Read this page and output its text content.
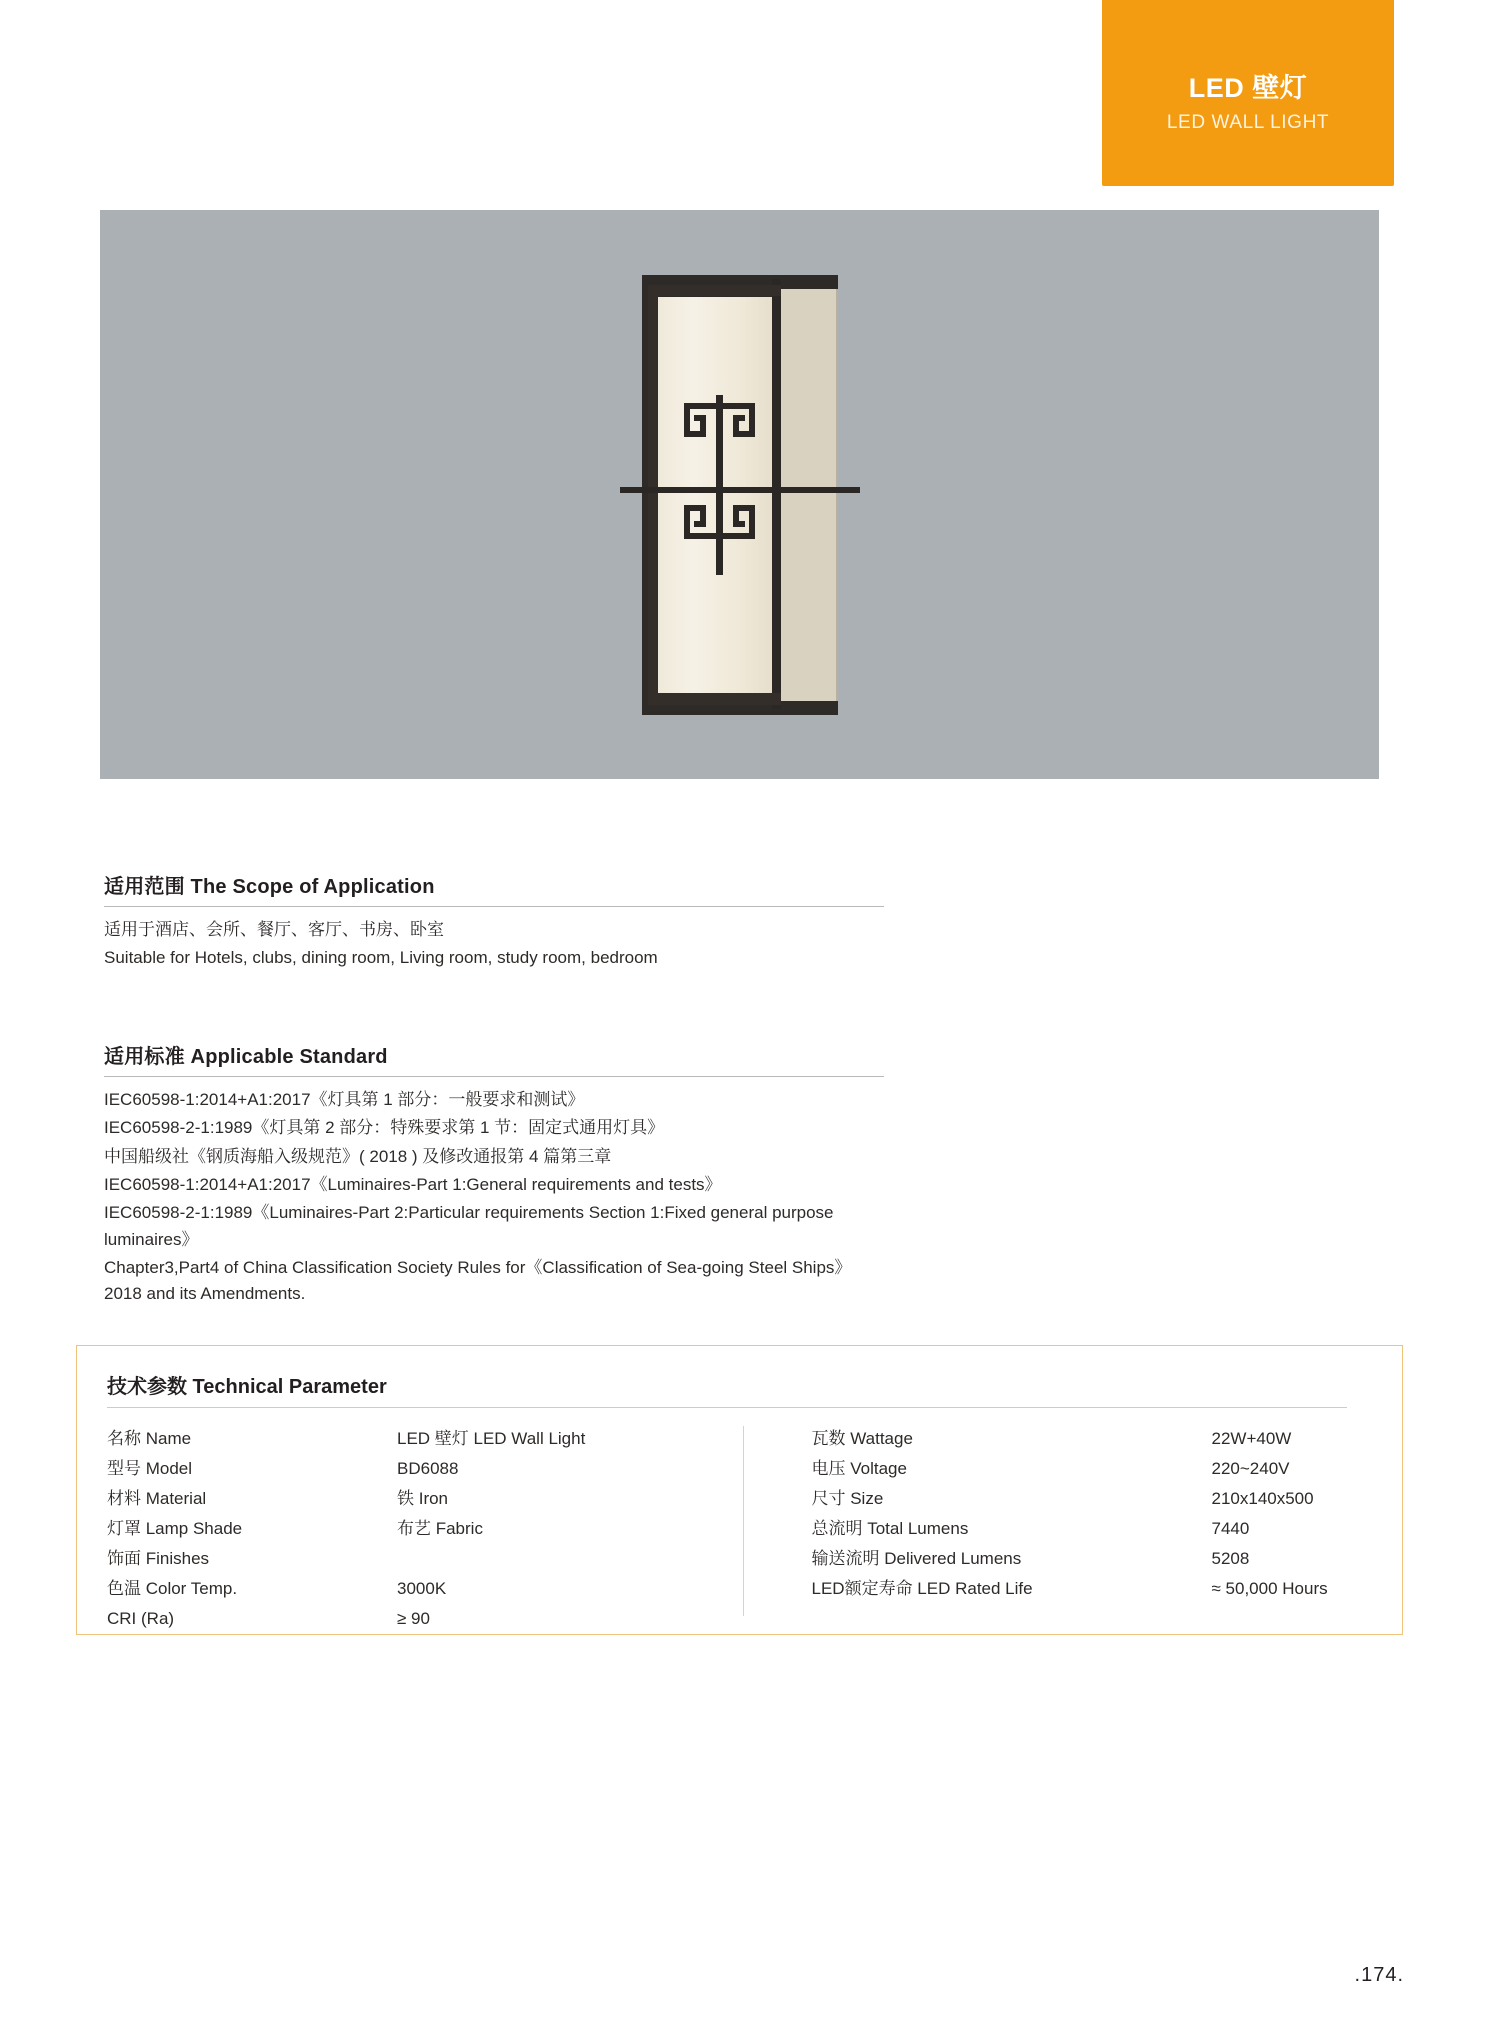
LED 壁灯
LED WALL LIGHT
适用范围 The Scope of Application

适用于酒店、会所、餐厅、客厅、书房、卧室

Suitable for Hotels, clubs, dining room, Living room, study room, bedroom

适用标准 Applicable Standard

IEC60598-1:2014+A1:2017《灯具第 1 部分：一般要求和测试》

IEC60598-2-1:1989《灯具第 2 部分：特殊要求第 1 节：固定式通用灯具》

中国船级社《钢质海船入级规范》( 2018 ) 及修改通报第 4 篇第三章

IEC60598-1:2014+A1:2017《Luminaires-Part 1:General requirements and tests》

IEC60598-2-1:1989《Luminaires-Part 2:Particular requirements Section 1:Fixed general purpose luminaires》

Chapter3,Part4 of China Classification Society Rules for《Classification of Sea-going Steel Ships》2018 and its Amendments.

技术参数 Technical Parameter
名称 Name	LED 壁灯 LED Wall Light
型号 Model	BD6088
材料 Material	铁 Iron
灯罩 Lamp Shade	布艺 Fabric
饰面 Finishes
色温 Color Temp.	3000K
CRI (Ra)	≥ 90
瓦数 Wattage	22W+40W
电压 Voltage	220~240V
尺寸 Size	210x140x500
总流明 Total Lumens	7440
输送流明 Delivered Lumens	5208
LED额定寿命 LED Rated Life	≈ 50,000 Hours
.174.
